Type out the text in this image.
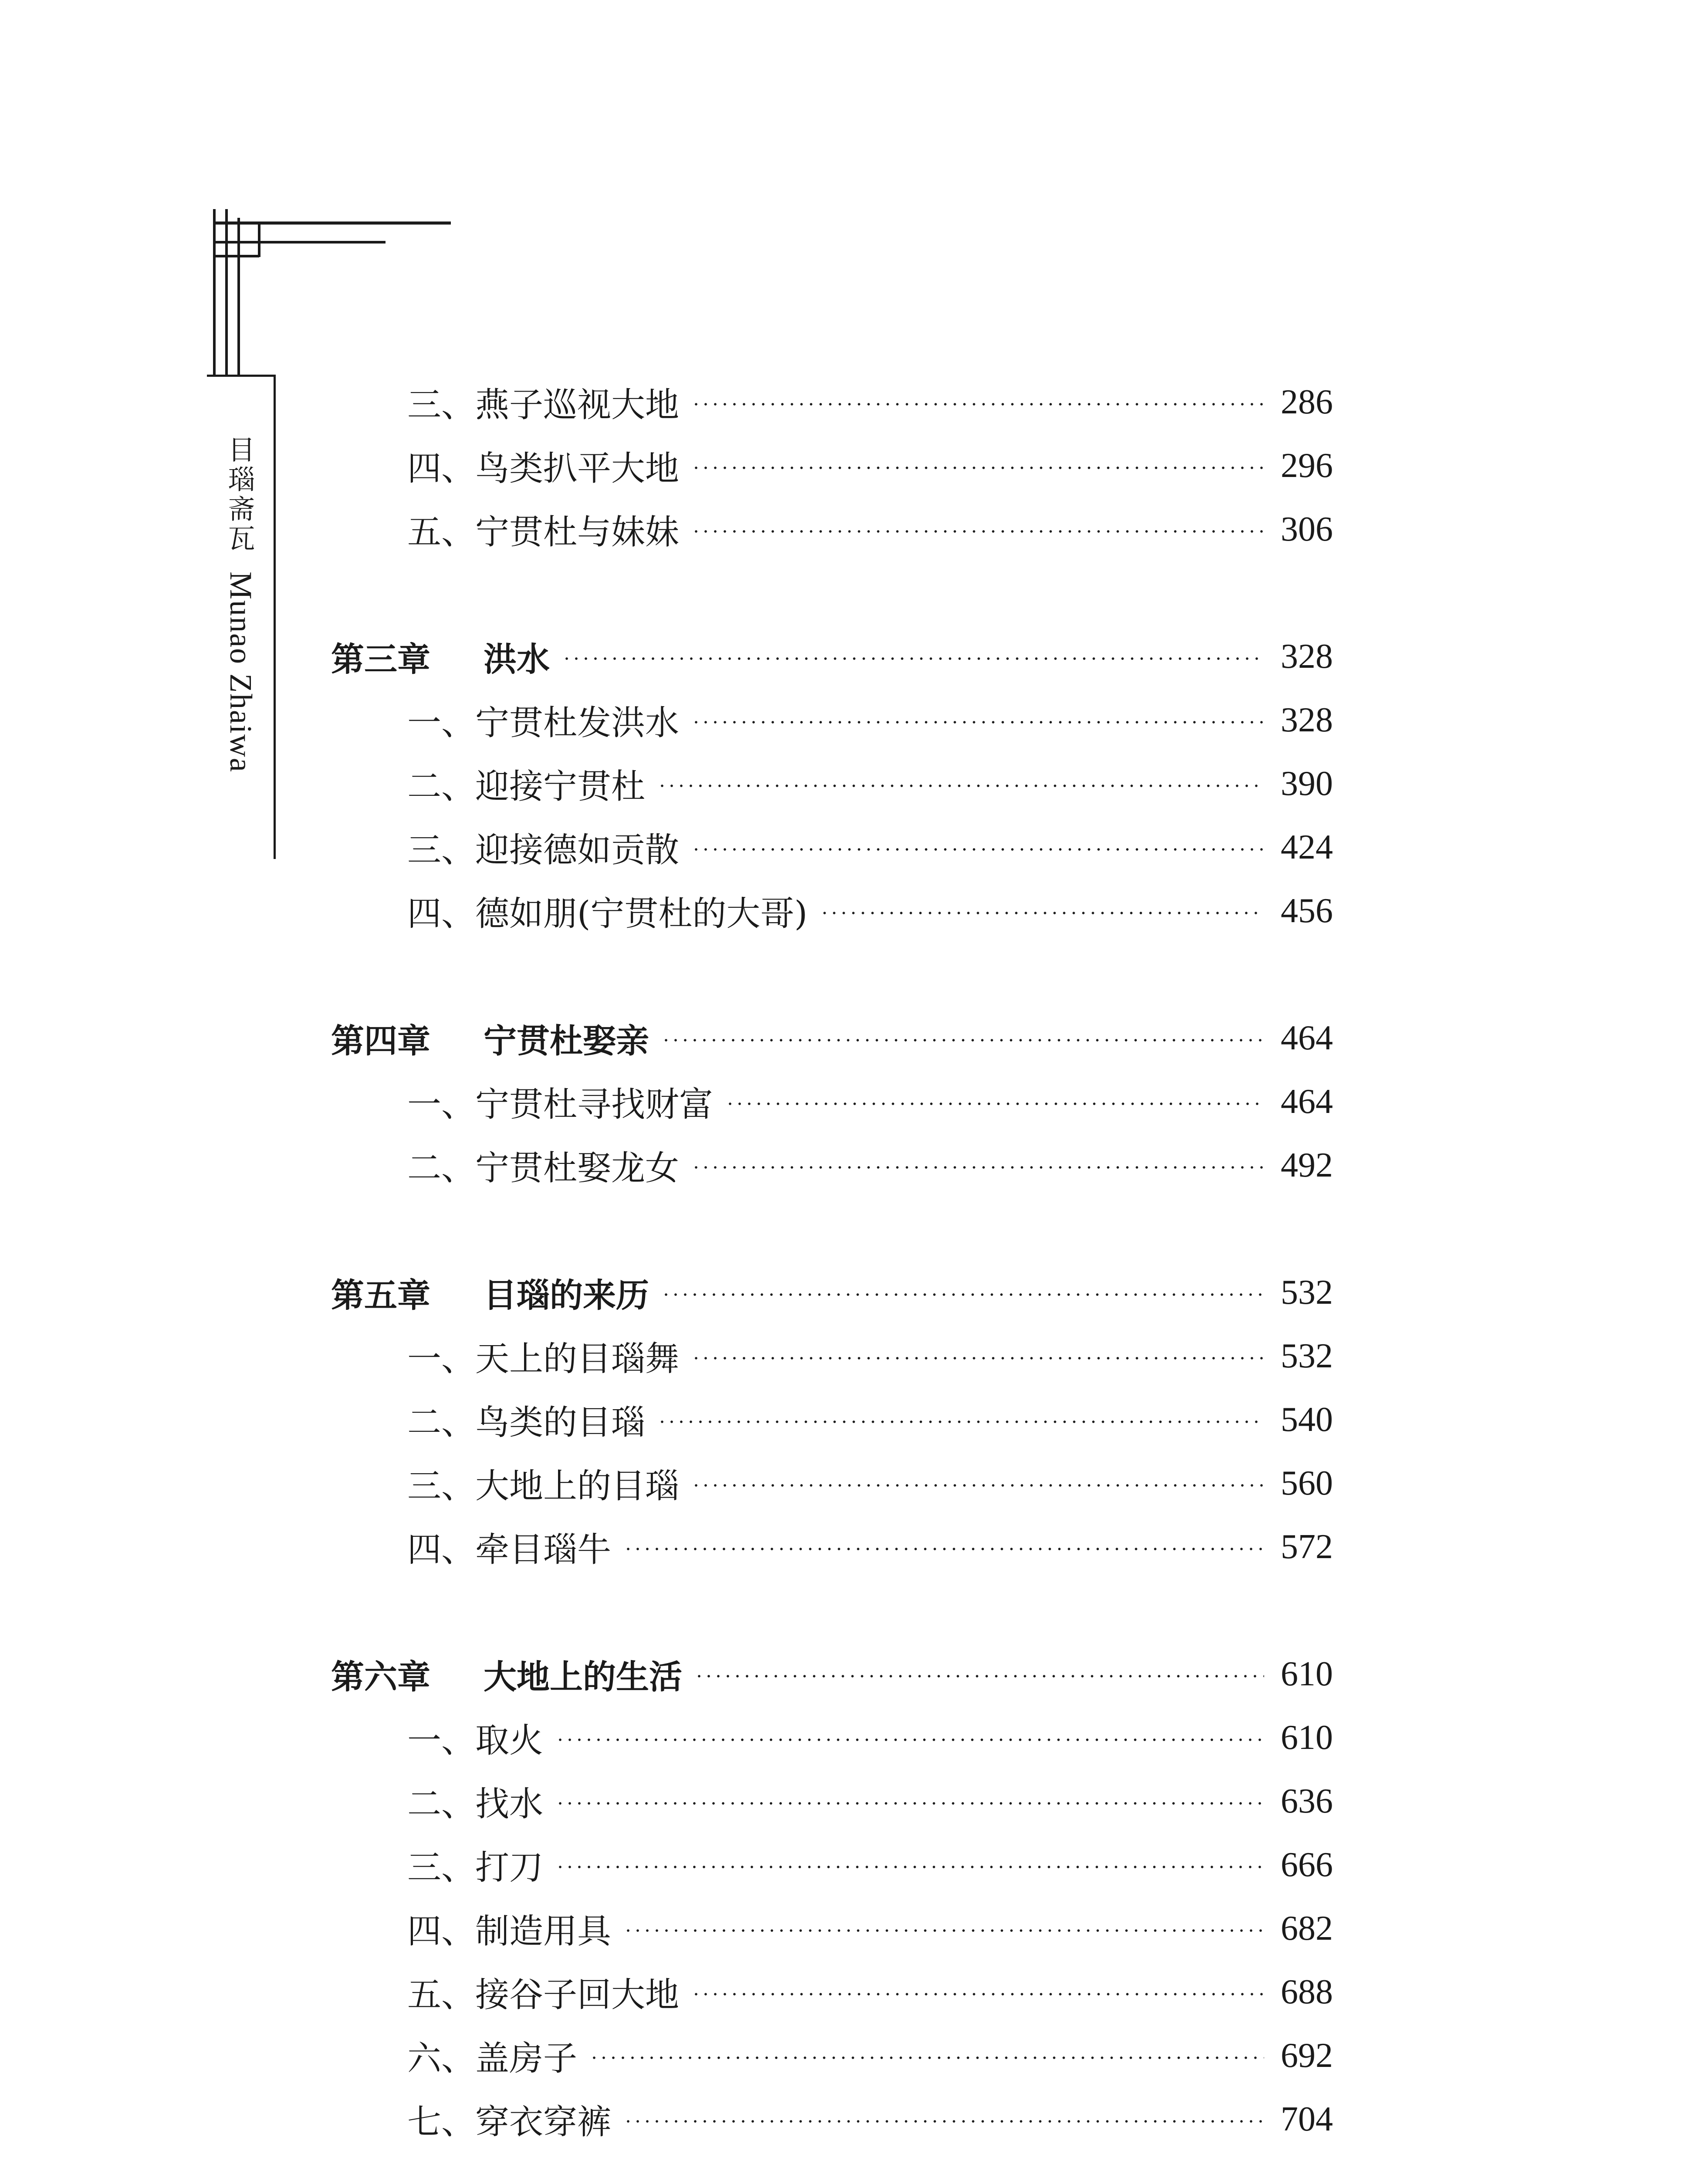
目瑙斋瓦
Munao Zhaiwa
三、燕子巡视大地	286
四、鸟类扒平大地	296
五、宁贯杜与妹妹	306
第三章 洪水	328
一、宁贯杜发洪水	328
二、迎接宁贯杜	390
三、迎接德如贡散	424
四、德如朋(宁贯杜的大哥)	456
第四章 宁贯杜娶亲	464
一、宁贯杜寻找财富	464
二、宁贯杜娶龙女	492
第五章 目瑙的来历	532
一、天上的目瑙舞	532
二、鸟类的目瑙	540
三、大地上的目瑙	560
四、牵目瑙牛	572
第六章 大地上的生活	610
一、取火	610
二、找水	636
三、打刀	666
四、制造用具	682
五、接谷子回大地	688
六、盖房子	692
七、穿衣穿裤	704
